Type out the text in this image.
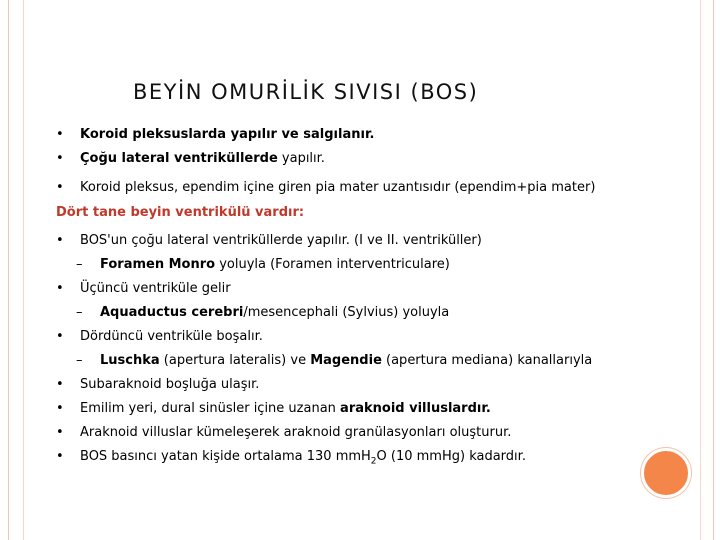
BEYİN OMURİLİK SIVISI (BOS)
• Koroid pleksuslarda yapılır ve salgılanır.
• Çoğu lateral ventriküllerde yapılır.
• Koroid pleksus, ependim içine giren pia mater uzantısıdır (ependim+pia mater)
Dört tane beyin ventrikülü vardır:
• BOS'un çoğu lateral ventriküllerde yapılır. (I ve II. ventriküller)
– Foramen Monro yoluyla (Foramen interventriculare)
• Üçüncü ventriküle gelir
– Aquaductus cerebri/mesencephali (Sylvius) yoluyla
• Dördüncü ventriküle boşalır.
– Luschka (apertura lateralis) ve Magendie (apertura mediana) kanallarıyla
• Subaraknoid boşluğa ulaşır.
• Emilim yeri, dural sinüsler içine uzanan araknoid villuslardır.
• Araknoid villuslar kümeleşerek araknoid granülasyonları oluşturur.
• BOS basıncı yatan kişide ortalama 130 mmH$_2$O (10 mmHg) kadardır.
